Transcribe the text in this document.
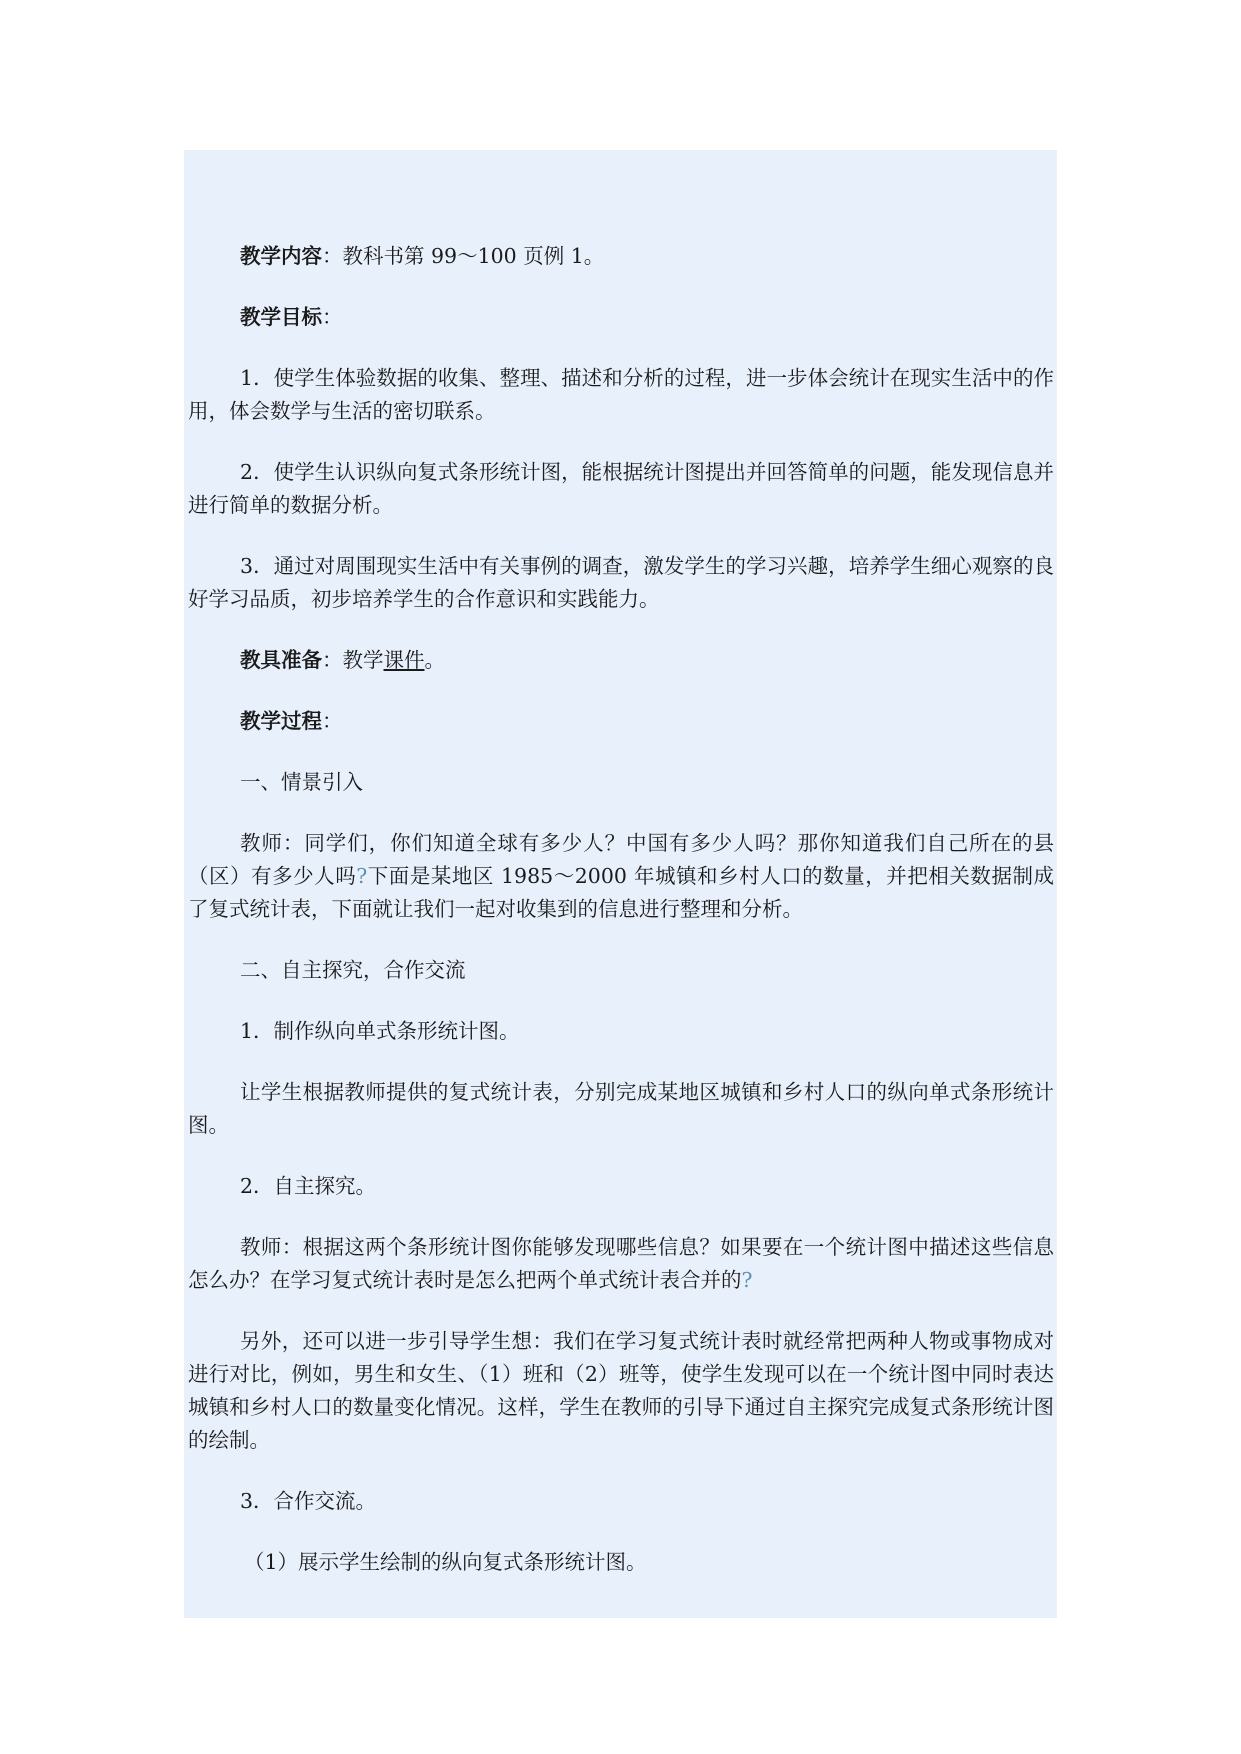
教学内容：教科书第 99～100 页例 1。

教学目标：

1．使学生体验数据的收集、整理、描述和分析的过程，进一步体会统计在现实生活中的作用，体会数学与生活的密切联系。

2．使学生认识纵向复式条形统计图，能根据统计图提出并回答简单的问题，能发现信息并进行简单的数据分析。

3．通过对周围现实生活中有关事例的调查，激发学生的学习兴趣，培养学生细心观察的良好学习品质，初步培养学生的合作意识和实践能力。

教具准备：教学课件。

教学过程：

一、情景引入

教师：同学们，你们知道全球有多少人？中国有多少人吗？那你知道我们自己所在的县（区）有多少人吗?下面是某地区 1985～2000 年城镇和乡村人口的数量，并把相关数据制成了复式统计表，下面就让我们一起对收集到的信息进行整理和分析。

二、自主探究，合作交流

1．制作纵向单式条形统计图。

让学生根据教师提供的复式统计表，分别完成某地区城镇和乡村人口的纵向单式条形统计图。

2．自主探究。

教师：根据这两个条形统计图你能够发现哪些信息？如果要在一个统计图中描述这些信息怎么办？在学习复式统计表时是怎么把两个单式统计表合并的?

另外，还可以进一步引导学生想：我们在学习复式统计表时就经常把两种人物或事物成对进行对比，例如，男生和女生、（1）班和（2）班等，使学生发现可以在一个统计图中同时表达城镇和乡村人口的数量变化情况。这样，学生在教师的引导下通过自主探究完成复式条形统计图的绘制。

3．合作交流。

（1）展示学生绘制的纵向复式条形统计图。
